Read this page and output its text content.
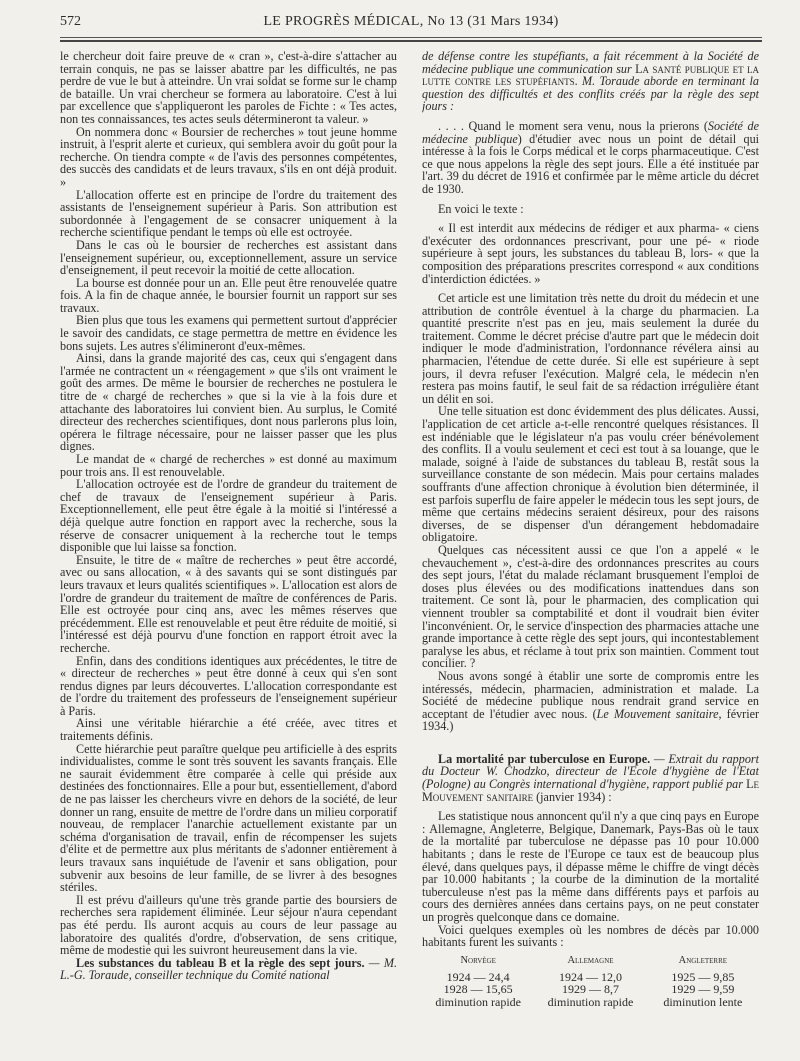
572	LE PROGRÈS MÉDICAL, No 13 (31 Mars 1934)

le chercheur doit faire preuve de « cran », c'est-à-dire s'attacher au terrain conquis, ne pas se laisser abattre par les difficultés, ne pas perdre de vue le but à atteindre. Un vrai soldat se forme sur le champ de bataille. Un vrai chercheur se formera au laboratoire. C'est à lui par excellence que s'appliqueront les paroles de Fichte : « Tes actes, non tes connaissances, tes actes seuls détermineront ta valeur. »

On nommera donc « Boursier de recherches » tout jeune homme instruit, à l'esprit alerte et curieux, qui semblera avoir du goût pour la recherche. On tiendra compte « de l'avis des personnes compétentes, des succès des candidats et de leurs travaux, s'ils en ont déjà produit. »

L'allocation offerte est en principe de l'ordre du traitement des assistants de l'enseignement supérieur à Paris. Son attribution est subordonnée à l'engagement de se consacrer uniquement à la recherche scientifique pendant le temps où elle est octroyée.

Dans le cas où le boursier de recherches est assistant dans l'enseignement supérieur, ou, exceptionnellement, assure un service d'enseignement, il peut recevoir la moitié de cette allocation.

La bourse est donnée pour un an. Elle peut être renouvelée quatre fois. A la fin de chaque année, le boursier fournit un rapport sur ses travaux.

Bien plus que tous les examens qui permettent surtout d'apprécier le savoir des candidats, ce stage permettra de mettre en évidence les bons sujets. Les autres s'élimineront d'eux-mêmes.

Ainsi, dans la grande majorité des cas, ceux qui s'engagent dans l'armée ne contractent un « réengagement » que s'ils ont vraiment le goût des armes. De même le boursier de recherches ne postulera le titre de « chargé de recherches » que si la vie à la fois dure et attachante des laboratoires lui convient bien. Au surplus, le Comité directeur des recherches scientifiques, dont nous parlerons plus loin, opérera le filtrage nécessaire, pour ne laisser passer que les plus dignes.

Le mandat de « chargé de recherches » est donné au maximum pour trois ans. Il est renouvelable.

L'allocation octroyée est de l'ordre de grandeur du traitement de chef de travaux de l'enseignement supérieur à Paris. Exceptionnellement, elle peut être égale à la moitié si l'intéressé a déjà quelque autre fonction en rapport avec la recherche, sous la réserve de consacrer uniquement à la recherche tout le temps disponible que lui laisse sa fonction.

Ensuite, le titre de « maître de recherches » peut être accordé, avec ou sans allocation, « à des savants qui se sont distingués par leurs travaux et leurs qualités scientifiques ». L'allocation est alors de l'ordre de grandeur du traitement de maître de conférences de Paris. Elle est octroyée pour cinq ans, avec les mêmes réserves que précédemment. Elle est renouvelable et peut être réduite de moitié, si l'intéressé est déjà pourvu d'une fonction en rapport étroit avec la recherche.

Enfin, dans des conditions identiques aux précédentes, le titre de « directeur de recherches » peut être donné à ceux qui s'en sont rendus dignes par leurs découvertes. L'allocation correspondante est de l'ordre du traitement des professeurs de l'enseignement supérieur à Paris.

Ainsi une véritable hiérarchie a été créée, avec titres et traitements définis.

Cette hiérarchie peut paraître quelque peu artificielle à des esprits individualistes, comme le sont très souvent les savants français. Elle ne saurait évidemment être comparée à celle qui préside aux destinées des fonctionnaires. Elle a pour but, essentiellement, d'abord de ne pas laisser les chercheurs vivre en dehors de la société, de leur donner un rang, ensuite de mettre de l'ordre dans un milieu corporatif nouveau, de remplacer l'anarchie actuellement existante par un schéma d'organisation de travail, enfin de récompenser les sujets d'élite et de permettre aux plus méritants de s'adonner entièrement à leurs travaux sans inquiétude de l'avenir et sans obligation, pour subvenir aux besoins de leur famille, de se livrer à des besognes stériles.

Il est prévu d'ailleurs qu'une très grande partie des boursiers de recherches sera rapidement éliminée. Leur séjour n'aura cependant pas été perdu. Ils auront acquis au cours de leur passage au laboratoire des qualités d'ordre, d'observation, de sens critique, même de modestie qui les suivront heureusement dans la vie.

Les substances du tableau B et la règle des sept jours. — M. L.-G. Toraude, conseiller technique du Comité national

de défense contre les stupéfiants, a fait récemment à la Société de médecine publique une communication sur La santé publique et la lutte contre les stupéfiants. M. Toraude aborde en terminant la question des difficultés et des conflits créés par la règle des sept jours :

. . . . Quand le moment sera venu, nous la prierons (Société de médecine publique) d'étudier avec nous un point de détail qui intéresse à la fois le Corps médical et le corps pharmaceutique. C'est ce que nous appelons la règle des sept jours. Elle a été instituée par l'art. 39 du décret de 1916 et confirmée par le même article du décret de 1930.

En voici le texte :

« Il est interdit aux médecins de rédiger et aux pharma- « ciens d'exécuter des ordonnances prescrivant, pour une pé- « riode supérieure à sept jours, les substances du tableau B, lors- « que la composition des préparations prescrites correspond « aux conditions d'interdiction édictées. »

Cet article est une limitation très nette du droit du médecin et une attribution de contrôle éventuel à la charge du pharmacien. La quantité prescrite n'est pas en jeu, mais seulement la durée du traitement. Comme le décret précise d'autre part que le médecin doit indiquer le mode d'administration, l'ordonnance révélera ainsi au pharmacien, l'étendue de cette durée. Si elle est supérieure à sept jours, il devra refuser l'exécution. Malgré cela, le médecin n'en restera pas moins fautif, le seul fait de sa rédaction irrégulière étant un délit en soi.

Une telle situation est donc évidemment des plus délicates. Aussi, l'application de cet article a-t-elle rencontré quelques résistances. Il est indéniable que le législateur n'a pas voulu créer bénévolement des conflits. Il a voulu seulement et ceci est tout à sa louange, que le malade, soigné à l'aide de substances du tableau B, restât sous la surveillance constante de son médecin. Mais pour certains malades souffrants d'une affection chronique à évolution bien déterminée, il est parfois superflu de faire appeler le médecin tous les sept jours, de même que certains médecins seraient désireux, pour des raisons diverses, de se dispenser d'un dérangement hebdomadaire obligatoire.

Quelques cas nécessitent aussi ce que l'on a appelé « le chevauchement », c'est-à-dire des ordonnances prescrites au cours des sept jours, l'état du malade réclamant brusquement l'emploi de doses plus élevées ou des modifications inattendues dans son traitement. Ce sont là, pour le pharmacien, des complication qui viennent troubler sa comptabilité et dont il voudrait bien éviter l'inconvénient. Or, le service d'inspection des pharmacies attache une grande importance à cette règle des sept jours, qui incontestablement paralyse les abus, et réclame à tout prix son maintien. Comment tout concilier. ?

Nous avons songé à établir une sorte de compromis entre les intéressés, médecin, pharmacien, administration et malade. La Société de médecine publique nous rendrait grand service en acceptant de l'étudier avec nous. (Le Mouvement sanitaire, février 1934.)

La mortalité par tuberculose en Europe. — Extrait du rapport du Docteur W. Chodzko, directeur de l'Ecole d'hygiène de l'Etat (Pologne) au Congrès international d'hygiène, rapport publié par Le Mouvement sanitaire (janvier 1934) :

Les statistique nous annoncent qu'il n'y a que cinq pays en Europe : Allemagne, Angleterre, Belgique, Danemark, Pays-Bas où le taux de la mortalité par tuberculose ne dépasse pas 10 pour 10.000 habitants ; dans le reste de l'Europe ce taux est de beaucoup plus élevé, dans quelques pays, il dépasse même le chiffre de vingt décès par 10.000 habitants ; la courbe de la diminution de la mortalité tuberculeuse n'est pas la même dans différents pays et parfois au cours des dernières années dans certains pays, on ne peut constater un progrès quelconque dans ce domaine.

Voici quelques exemples où les nombres de décès par 10.000 habitants furent les suivants :

Norvège
1924 — 24,4
1928 — 15,65
diminution rapide
Allemagne
1924 — 12,0
1929 — 8,7
diminution rapide
Angleterre
1925 — 9,85
1929 — 9,59
diminution lente
